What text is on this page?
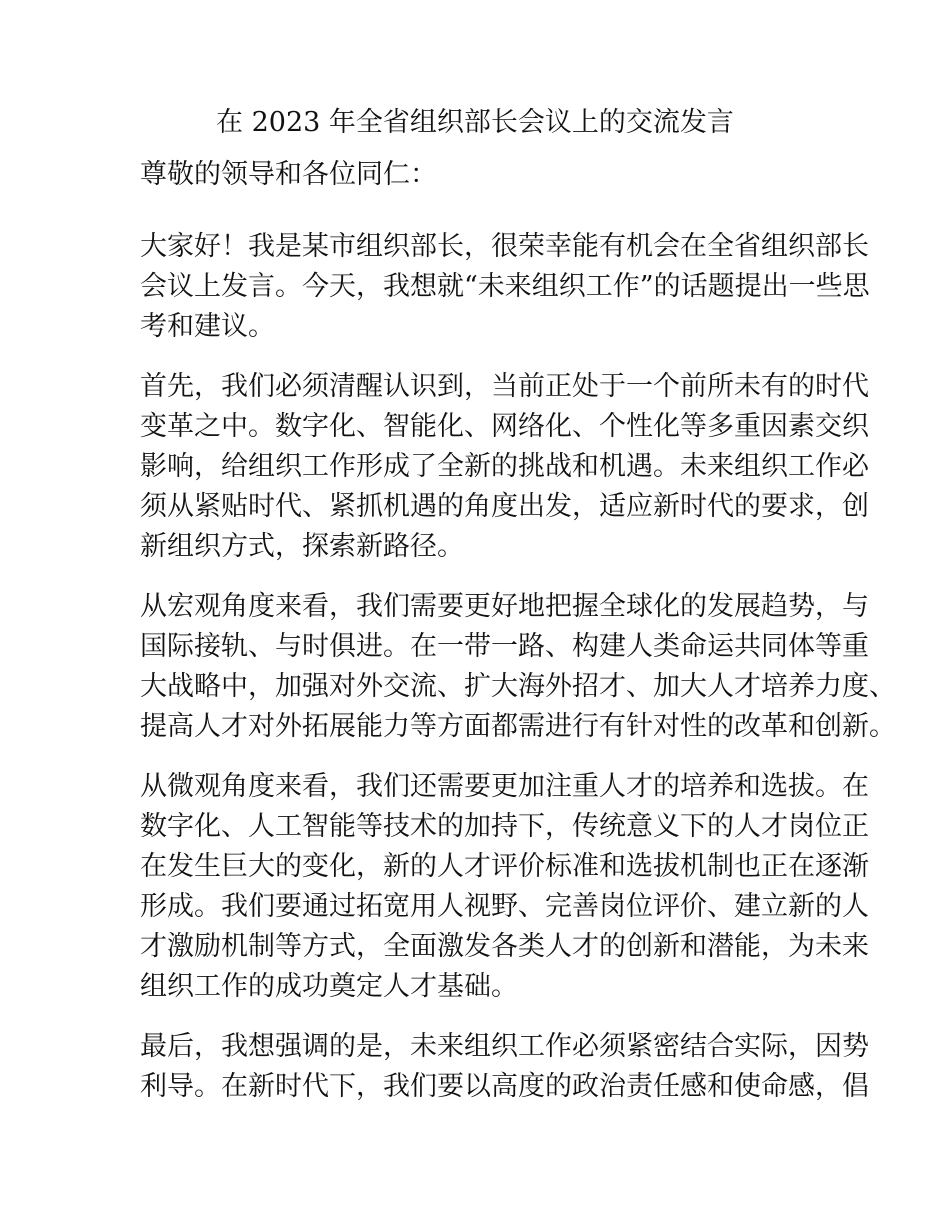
在 2023 年全省组织部长会议上的交流发言
尊敬的领导和各位同仁：
大家好！我是某市组织部长，很荣幸能有机会在全省组织部长
会议上发言。今天，我想就“未来组织工作”的话题提出一些思
考和建议。
首先，我们必须清醒认识到，当前正处于一个前所未有的时代
变革之中。数字化、智能化、网络化、个性化等多重因素交织
影响，给组织工作形成了全新的挑战和机遇。未来组织工作必
须从紧贴时代、紧抓机遇的角度出发，适应新时代的要求，创
新组织方式，探索新路径。
从宏观角度来看，我们需要更好地把握全球化的发展趋势，与
国际接轨、与时俱进。在一带一路、构建人类命运共同体等重
大战略中，加强对外交流、扩大海外招才、加大人才培养力度、
提高人才对外拓展能力等方面都需进行有针对性的改革和创新。
从微观角度来看，我们还需要更加注重人才的培养和选拔。在
数字化、人工智能等技术的加持下，传统意义下的人才岗位正
在发生巨大的变化，新的人才评价标准和选拔机制也正在逐渐
形成。我们要通过拓宽用人视野、完善岗位评价、建立新的人
才激励机制等方式，全面激发各类人才的创新和潜能，为未来
组织工作的成功奠定人才基础。
最后，我想强调的是，未来组织工作必须紧密结合实际，因势
利导。在新时代下，我们要以高度的政治责任感和使命感，倡
